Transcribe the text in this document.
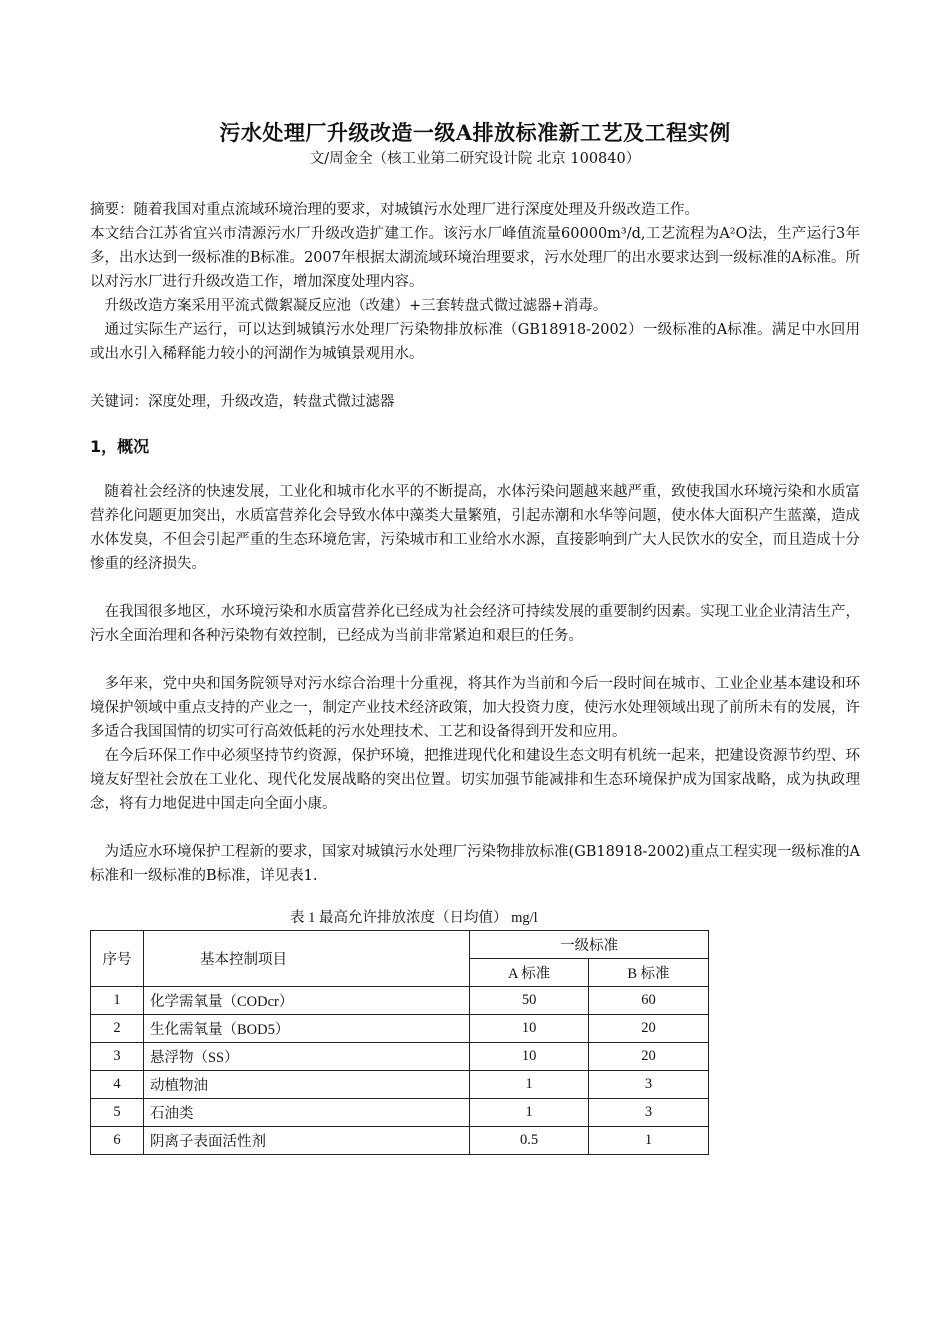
污水处理厂升级改造一级A排放标准新工艺及工程实例

文/周金全（核工业第二研究设计院 北京 100840）

摘要：随着我国对重点流域环境治理的要求，对城镇污水处理厂进行深度处理及升级改造工作。

本文结合江苏省宜兴市清源污水厂升级改造扩建工作。该污水厂峰值流量60000m³/d,工艺流程为A²O法，生产运行3年多，出水达到一级标准的B标准。2007年根据太湖流域环境治理要求，污水处理厂的出水要求达到一级标准的A标准。所以对污水厂进行升级改造工作，增加深度处理内容。

升级改造方案采用平流式微絮凝反应池（改建）+三套转盘式微过滤器+消毒。

通过实际生产运行，可以达到城镇污水处理厂污染物排放标准（GB18918-2002）一级标准的A标准。满足中水回用或出水引入稀释能力较小的河湖作为城镇景观用水。

关键词：深度处理，升级改造，转盘式微过滤器

1，概况

随着社会经济的快速发展，工业化和城市化水平的不断提高，水体污染问题越来越严重，致使我国水环境污染和水质富营养化问题更加突出，水质富营养化会导致水体中藻类大量繁殖，引起赤潮和水华等问题，使水体大面积产生蓝藻，造成水体发臭，不但会引起严重的生态环境危害，污染城市和工业给水水源，直接影响到广大人民饮水的安全，而且造成十分惨重的经济损失。

在我国很多地区，水环境污染和水质富营养化已经成为社会经济可持续发展的重要制约因素。实现工业企业清洁生产，污水全面治理和各种污染物有效控制，已经成为当前非常紧迫和艰巨的任务。

多年来，党中央和国务院领导对污水综合治理十分重视，将其作为当前和今后一段时间在城市、工业企业基本建设和环境保护领域中重点支持的产业之一，制定产业技术经济政策，加大投资力度，使污水处理领域出现了前所未有的发展，许多适合我国国情的切实可行高效低耗的污水处理技术、工艺和设备得到开发和应用。

在今后环保工作中必须坚持节约资源，保护环境，把推进现代化和建设生态文明有机统一起来，把建设资源节约型、环境友好型社会放在工业化、现代化发展战略的突出位置。切实加强节能减排和生态环境保护成为国家战略，成为执政理念，将有力地促进中国走向全面小康。

为适应水环境保护工程新的要求，国家对城镇污水处理厂污染物排放标准(GB18918-2002)重点工程实现一级标准的A标准和一级标准的B标准，详见表1.

表 1 最高允许排放浓度（日均值） mg/l

序号	基本控制项目	一级标准	
		A 标准	B 标准
1	化学需氧量（CODcr）	50	60
2	生化需氧量（BOD5）	10	20
3	悬浮物（SS）	10	20
4	动植物油	1	3
5	石油类	1	3
6	阴离子表面活性剂	0.5	1
